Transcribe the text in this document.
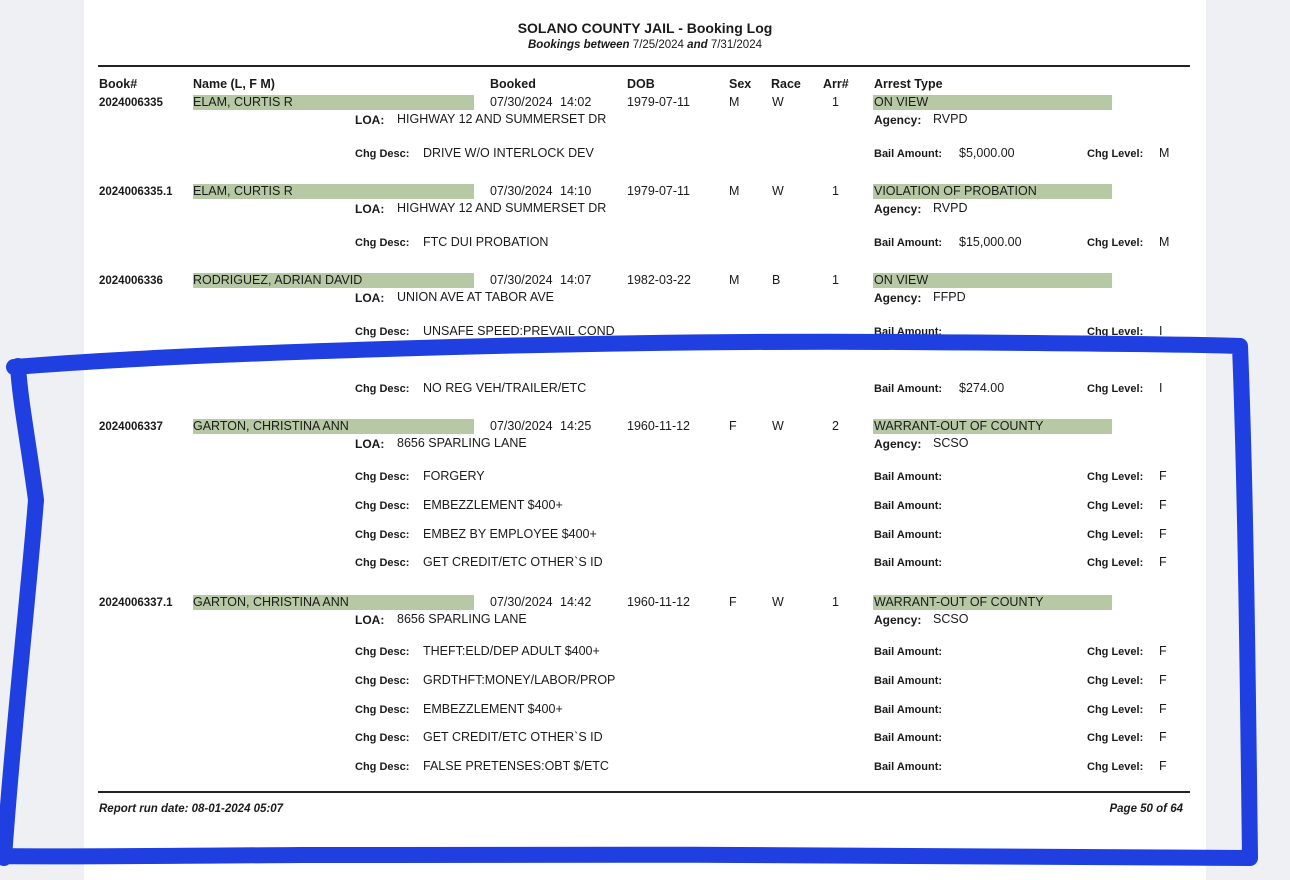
SOLANO COUNTY JAIL - Booking Log
Bookings between 7/25/2024 and 7/31/2024
Book#	Name (L, F M)	Booked	DOB	Sex Race Arr# Arrest Type
2024006335 ELAM, CURTIS R	07/30/2024 14:02	1979-07-11	M	W	1	ON VIEW
LOA: HIGHWAY 12 AND SUMMERSET DR	Agency: RVPD
Chg Desc: DRIVE W/O INTERLOCK DEV	Bail Amount: $5,000.00	Chg Level: M
2024006335.1 ELAM, CURTIS R	07/30/2024 14:10	1979-07-11	M	W	1	VIOLATION OF PROBATION
LOA: HIGHWAY 12 AND SUMMERSET DR	Agency: RVPD
Chg Desc: FTC DUI PROBATION	Bail Amount: $15,000.00	Chg Level: M
2024006336 RODRIGUEZ, ADRIAN DAVID	07/30/2024 14:07	1982-03-22	M	B	1	ON VIEW
LOA: UNION AVE AT TABOR AVE	Agency: FFPD
Chg Desc: UNSAFE SPEED:PREVAIL COND	Bail Amount:	Chg Level: I
Chg Desc: NO REG VEH/TRAILER/ETC	Bail Amount: $274.00	Chg Level: I
2024006337 GARTON, CHRISTINA ANN	07/30/2024 14:25	1960-11-12	F	W	2	WARRANT-OUT OF COUNTY
LOA: 8656 SPARLING LANE	Agency: SCSO
Chg Desc: FORGERY	Bail Amount:	Chg Level: F
Chg Desc: EMBEZZLEMENT $400+	Bail Amount:	Chg Level: F
Chg Desc: EMBEZ BY EMPLOYEE $400+	Bail Amount:	Chg Level: F
Chg Desc: GET CREDIT/ETC OTHER`S ID	Bail Amount:	Chg Level: F
2024006337.1 GARTON, CHRISTINA ANN	07/30/2024 14:42	1960-11-12	F	W	1	WARRANT-OUT OF COUNTY
LOA: 8656 SPARLING LANE	Agency: SCSO
Chg Desc: THEFT:ELD/DEP ADULT $400+	Bail Amount:	Chg Level: F
Chg Desc: GRDTHFT:MONEY/LABOR/PROP	Bail Amount:	Chg Level: F
Chg Desc: EMBEZZLEMENT $400+	Bail Amount:	Chg Level: F
Chg Desc: GET CREDIT/ETC OTHER`S ID	Bail Amount:	Chg Level: F
Chg Desc: FALSE PRETENSES:OBT $/ETC	Bail Amount:	Chg Level: F
Report run date: 08-01-2024 05:07	Page 50 of 64
